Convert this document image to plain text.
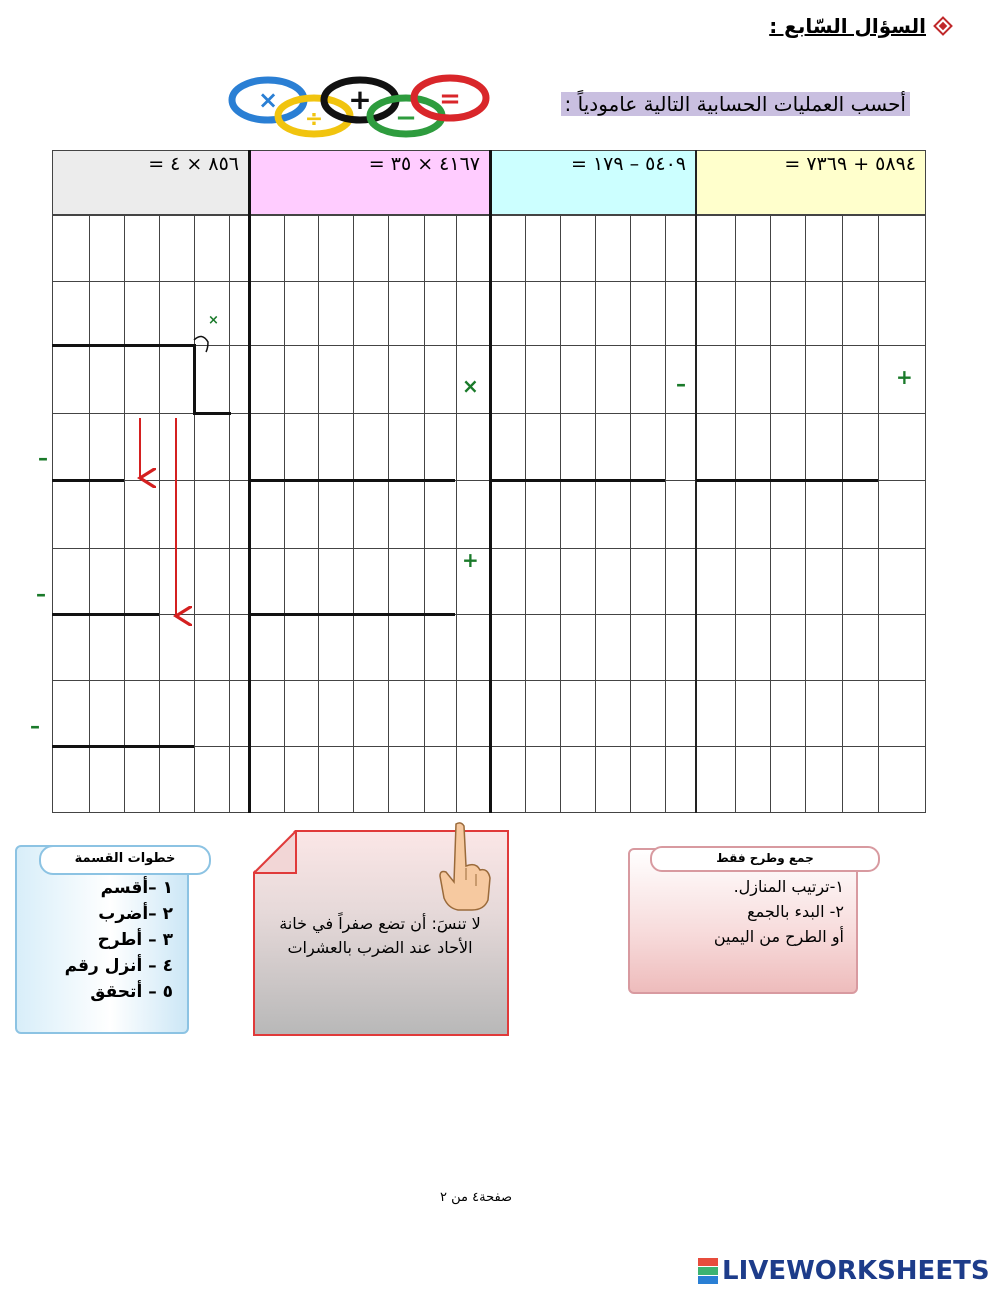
السؤال السّابع :
×
÷
+
−
=	أحسب العمليات الحسابية التالية عامودياً :
٨٥٦ × ٤ =	٤١٦٧ × ٣٥ =	٥٤٠٩ – ١٧٩ =	٥٨٩٤ + ٧٣٦٩ =
خطوات القسمة
١ –أقسم
٢ –أضرب
٣ – أطرح
٤ – أنزل رقم
٥ – أتحقق
لا تنسَ: أن تضع صفراً في خانة الأحاد عند الضرب بالعشرات
جمع وطرح فقط
١-ترتيب المنازل.
٢- البدء بالجمع
أو الطرح من اليمين
صفحة٤ من ٢
LIVEWORKSHEETS
+
–
×
+
×
–
–
–
